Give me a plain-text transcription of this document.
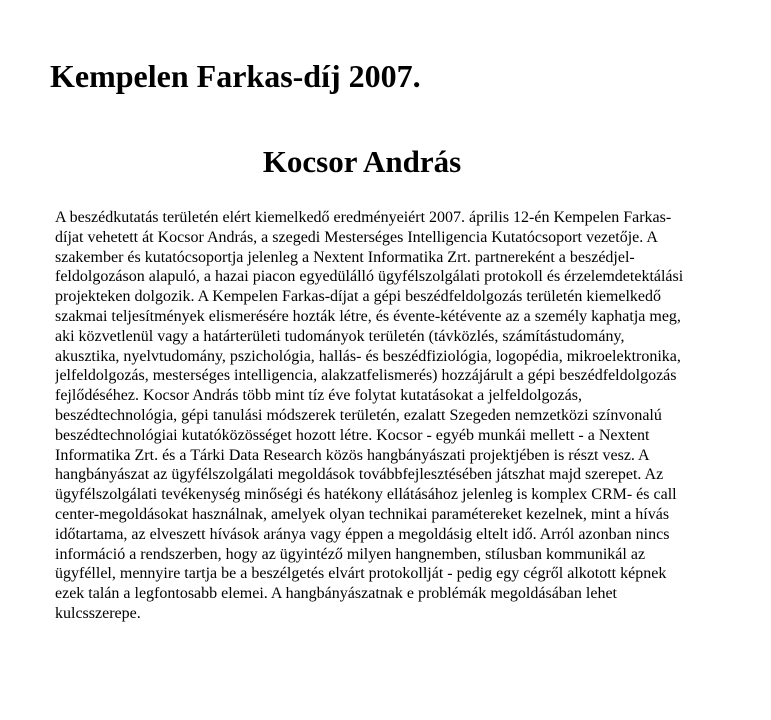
Kempelen Farkas-díj 2007.
Kocsor András

A beszédkutatás területén elért kiemelkedő eredményeiért 2007. április 12-én Kempelen Farkas-
díjat vehetett át Kocsor András, a szegedi Mesterséges Intelligencia Kutatócsoport vezetője. A
szakember és kutatócsoportja jelenleg a Nextent Informatika Zrt. partnereként a beszédjel-
feldolgozáson alapuló, a hazai piacon egyedülálló ügyfélszolgálati protokoll és érzelemdetektálási
projekteken dolgozik. A Kempelen Farkas-díjat a gépi beszédfeldolgozás területén kiemelkedő
szakmai teljesítmények elismerésére hozták létre, és évente-kétévente az a személy kaphatja meg,
aki közvetlenül vagy a határterületi tudományok területén (távközlés, számítástudomány,
akusztika, nyelvtudomány, pszichológia, hallás- és beszédfiziológia, logopédia, mikroelektronika,
jelfeldolgozás, mesterséges intelligencia, alakzatfelismerés) hozzájárult a gépi beszédfeldolgozás
fejlődéséhez. Kocsor András több mint tíz éve folytat kutatásokat a jelfeldolgozás,
beszédtechnológia, gépi tanulási módszerek területén, ezalatt Szegeden nemzetközi színvonalú
beszédtechnológiai kutatóközösséget hozott létre. Kocsor - egyéb munkái mellett - a Nextent
Informatika Zrt. és a Tárki Data Research közös hangbányászati projektjében is részt vesz. A
hangbányászat az ügyfélszolgálati megoldások továbbfejlesztésében játszhat majd szerepet. Az
ügyfélszolgálati tevékenység minőségi és hatékony ellátásához jelenleg is komplex CRM- és call
center-megoldásokat használnak, amelyek olyan technikai paramétereket kezelnek, mint a hívás
időtartama, az elveszett hívások aránya vagy éppen a megoldásig eltelt idő. Arról azonban nincs
információ a rendszerben, hogy az ügyintéző milyen hangnemben, stílusban kommunikál az
ügyféllel, mennyire tartja be a beszélgetés elvárt protokollját - pedig egy cégről alkotott képnek
ezek talán a legfontosabb elemei. A hangbányászatnak e problémák megoldásában lehet
kulcsszerepe.
